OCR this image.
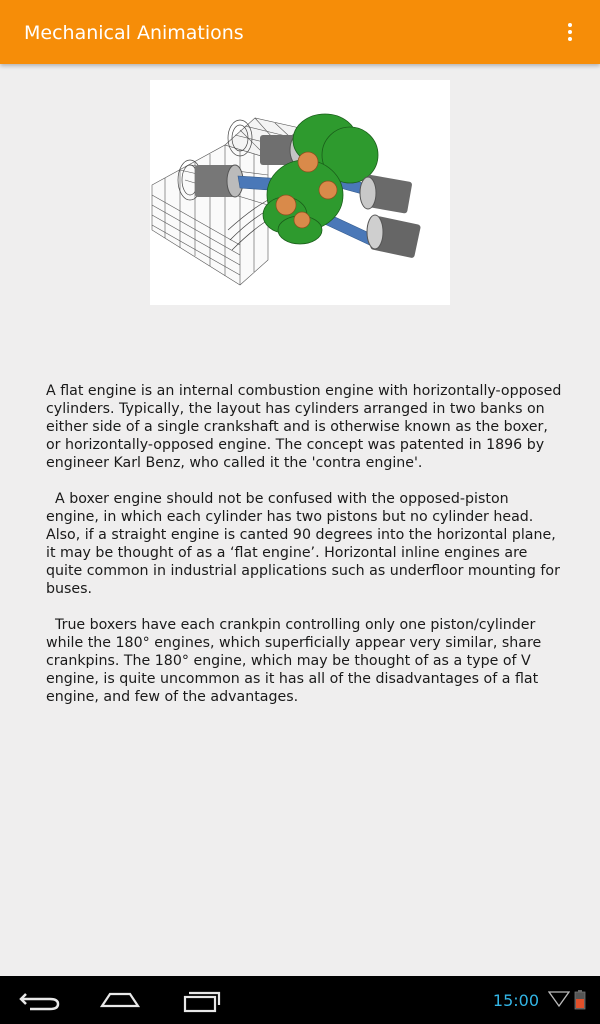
Mechanical Animations

A flat engine is an internal combustion engine with horizontally-opposed cylinders. Typically, the layout has cylinders arranged in two banks on either side of a single crankshaft and is otherwise known as the boxer, or horizontally-opposed engine. The concept was patented in 1896 by engineer Karl Benz, who called it the 'contra engine'.

A boxer engine should not be confused with the opposed-piston engine, in which each cylinder has two pistons but no cylinder head. Also, if a straight engine is canted 90 degrees into the horizontal plane, it may be thought of as a ‘flat engine’. Horizontal inline engines are quite common in industrial applications such as underfloor mounting for buses.

True boxers have each crankpin controlling only one piston/cylinder while the 180° engines, which superficially appear very similar, share crankpins. The 180° engine, which may be thought of as a type of V engine, is quite uncommon as it has all of the disadvantages of a flat engine, and few of the advantages.

15:00
